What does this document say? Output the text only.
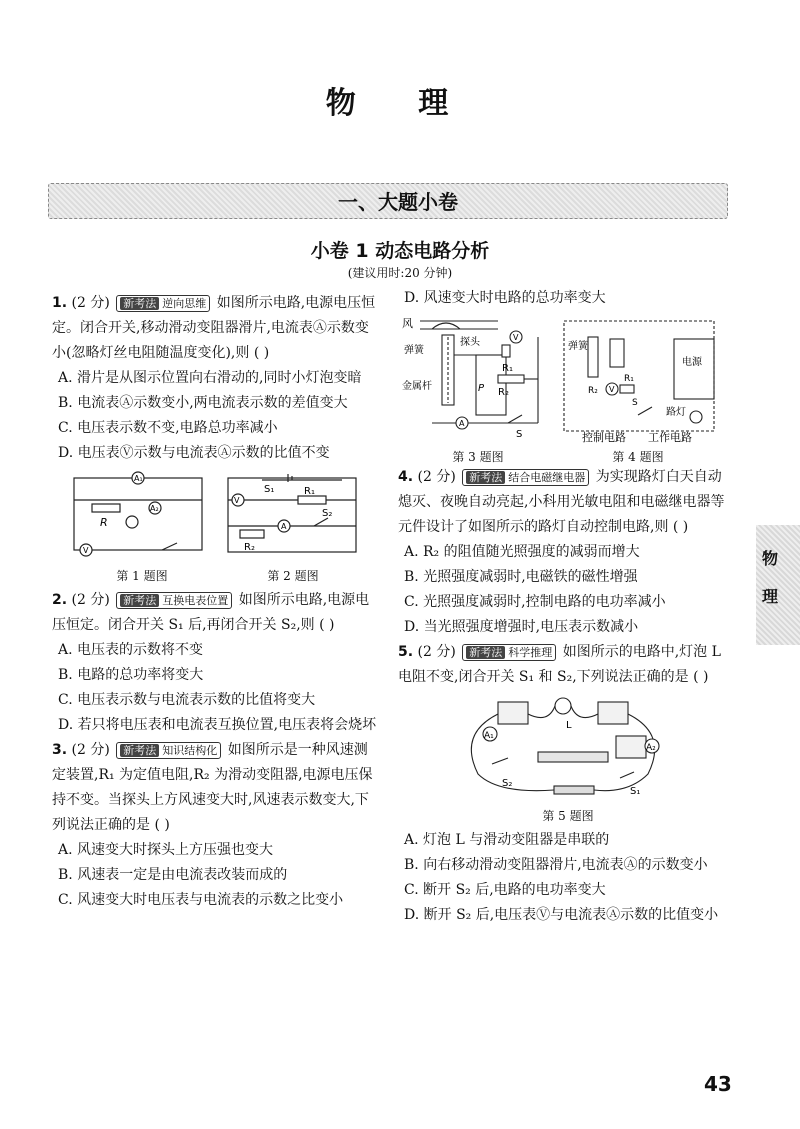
物 理
一、大题小卷
小卷 1 动态电路分析
(建议用时:20 分钟)
1. (2 分) 新考法 逆向思维 如图所示电路,电源电压恒定。闭合开关,移动滑动变阻器滑片,电流表Ⓐ示数变小(忽略灯丝电阻随温度变化),则 ( )

A. 滑片是从图示位置向右滑动的,同时小灯泡变暗

B. 电流表Ⓐ示数变小,两电流表示数的差值变大

C. 电压表示数不变,电路总功率减小

D. 电压表Ⓥ示数与电流表Ⓐ示数的比值不变

A₁
A₂
V
R
S₁
V
R₁
R₂
A
S₂
第 1 题图	第 2 题图
2. (2 分) 新考法 互换电表位置 如图所示电路,电源电压恒定。闭合开关 S₁ 后,再闭合开关 S₂,则 ( )

A. 电压表的示数将不变

B. 电路的总功率将变大

C. 电压表示数与电流表示数的比值将变大

D. 若只将电压表和电流表互换位置,电压表将会烧坏

3. (2 分) 新考法 知识结构化 如图所示是一种风速测定装置,R₁ 为定值电阻,R₂ 为滑动变阻器,电源电压保持不变。当探头上方风速变大时,风速表示数变大,下列说法正确的是 ( )

A. 风速变大时探头上方压强也变大

B. 风速表一定是由电流表改装而成的

C. 风速变大时电压表与电流表的示数之比变小

D. 风速变大时电路的总功率变大

风
弹簧
探头
金属杆
V
R₁
R₂
P
A
S
弹簧
电源
路灯
R₂ V
R₁
S
控制电路 工作电路
第 3 题图	第 4 题图
4. (2 分) 新考法 结合电磁继电器 为实现路灯白天自动熄灭、夜晚自动亮起,小科用光敏电阻和电磁继电器等元件设计了如图所示的路灯自动控制电路,则 ( )

A. R₂ 的阻值随光照强度的减弱而增大

B. 光照强度减弱时,电磁铁的磁性增强

C. 光照强度减弱时,控制电路的电功率减小

D. 当光照强度增强时,电压表示数减小

5. (2 分) 新考法 科学推理 如图所示的电路中,灯泡 L 电阻不变,闭合开关 S₁ 和 S₂,下列说法正确的是 ( )
A₁
A₂
L
S₂
S₁
第 5 题图

A. 灯泡 L 与滑动变阻器是串联的

B. 向右移动滑动变阻器滑片,电流表Ⓐ的示数变小

C. 断开 S₂ 后,电路的电功率变大

D. 断开 S₂ 后,电压表Ⓥ与电流表Ⓐ示数的比值变小

物理
43
